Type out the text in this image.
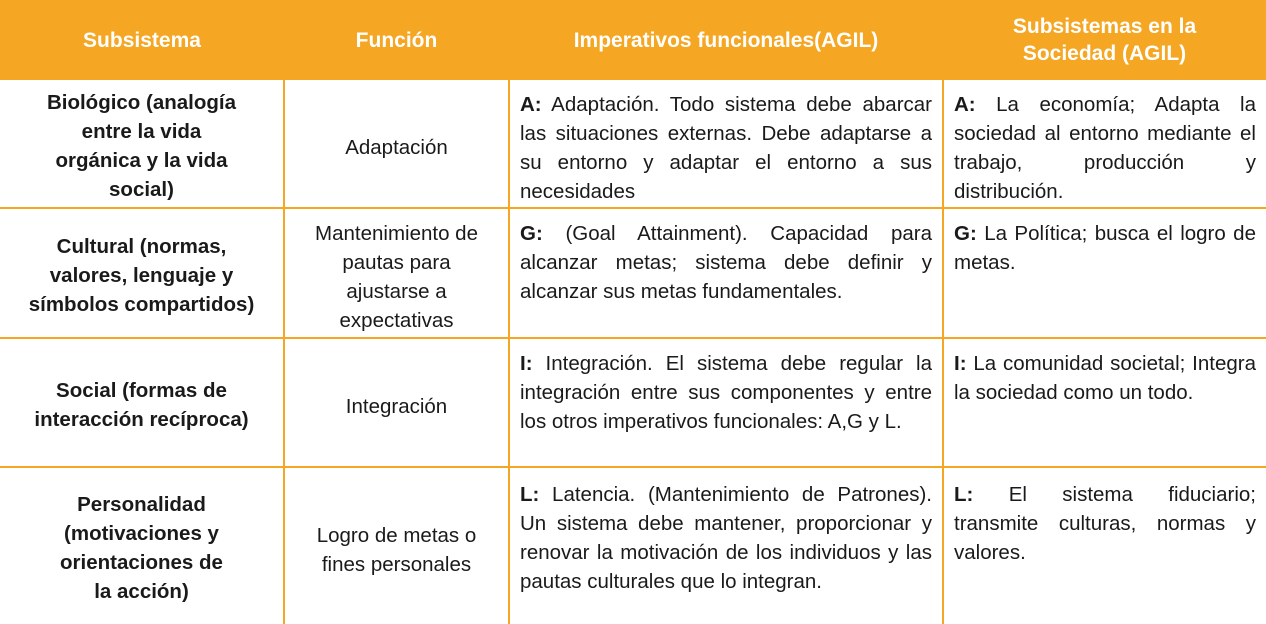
Subsistema	Función	Imperativos funcionales(AGIL)	Subsistemas en la Sociedad (AGIL)

Biológico (analogía entre la vida orgánica y la vida social)	Adaptación	A: Adaptación. Todo sistema debe abarcar las situaciones externas. Debe adaptarse a su entorno y adaptar el entorno a sus necesidades	A: La economía; Adapta la sociedad al entorno mediante el trabajo, producción y distribución.

Cultural (normas, valores, lenguaje y símbolos compartidos)	Mantenimiento de pautas para ajustarse a expectativas	G: (Goal Attainment). Capacidad para alcanzar metas; sistema debe definir y alcanzar sus metas fundamentales.	G: La Política; busca el logro de metas.

Social (formas de interacción recíproca)	Integración	I: Integración. El sistema debe regular la integración entre sus componentes y entre los otros imperativos funcionales: A,G y L.	I: La comunidad societal; Integra la sociedad como un todo.

Personalidad (motivaciones y orientaciones de la acción)	Logro de metas o fines personales	L: Latencia. (Mantenimiento de Patrones). Un sistema debe mantener, proporcionar y renovar la motivación de los individuos y las pautas culturales que lo integran.	L: El sistema fiduciario; transmite culturas, normas y valores.
